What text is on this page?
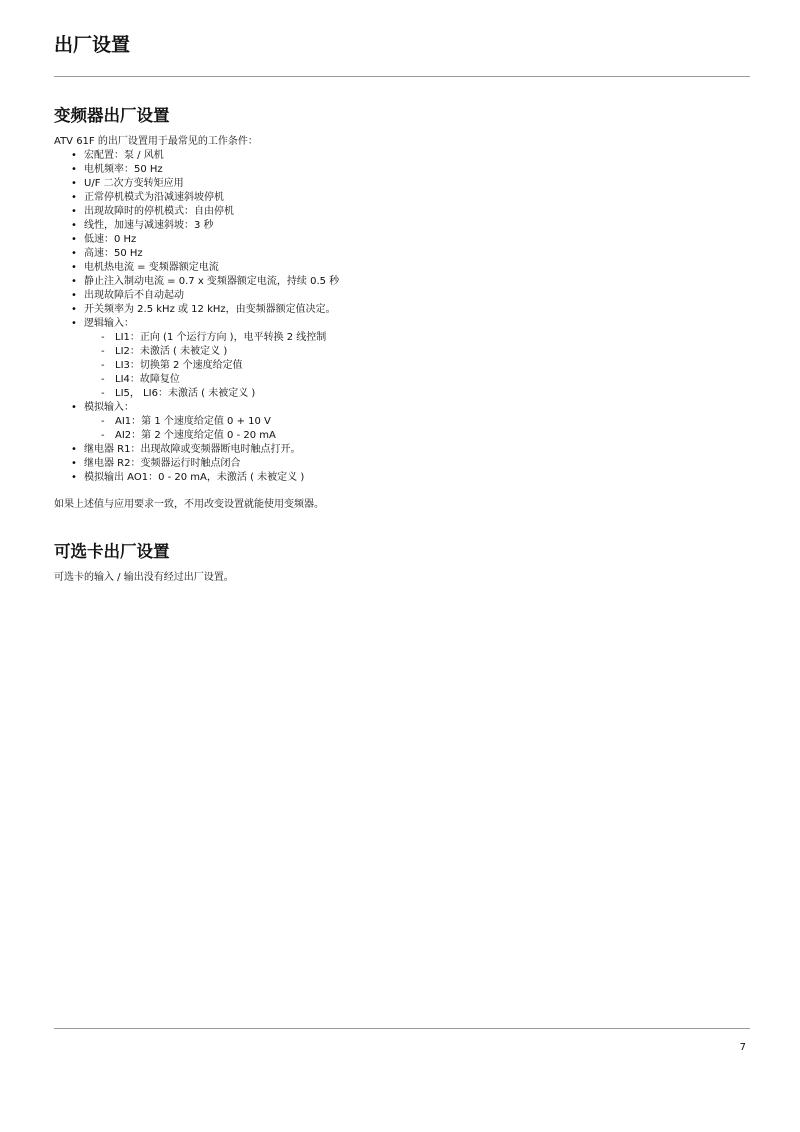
出厂设置
变频器出厂设置

ATV 61F 的出厂设置用于最常见的工作条件：

• 宏配置：泵 / 风机
• 电机频率：50 Hz
• U/F 二次方变转矩应用
• 正常停机模式为沿减速斜坡停机
• 出现故障时的停机模式：自由停机
• 线性，加速与减速斜坡：3 秒
• 低速：0 Hz
• 高速：50 Hz
• 电机热电流 = 变频器额定电流
• 静止注入制动电流 = 0.7 x 变频器额定电流，持续 0.5 秒
• 出现故障后不自动起动
• 开关频率为 2.5 kHz 或 12 kHz，由变频器额定值决定。
• 逻辑输入：
- LI1：正向 (1 个运行方向 )，电平转换 2 线控制
- LI2：未激活 ( 未被定义 )
- LI3：切换第 2 个速度给定值
- LI4：故障复位
- LI5， LI6：未激活 ( 未被定义 )
• 模拟输入：
- AI1：第 1 个速度给定值 0 + 10 V
- AI2：第 2 个速度给定值 0 - 20 mA
• 继电器 R1：出现故障或变频器断电时触点打开。
• 继电器 R2：变频器运行时触点闭合
• 模拟输出 AO1：0 - 20 mA，未激活 ( 未被定义 )

如果上述值与应用要求一致，不用改变设置就能使用变频器。

可选卡出厂设置

可选卡的输入 / 输出没有经过出厂设置。

7
